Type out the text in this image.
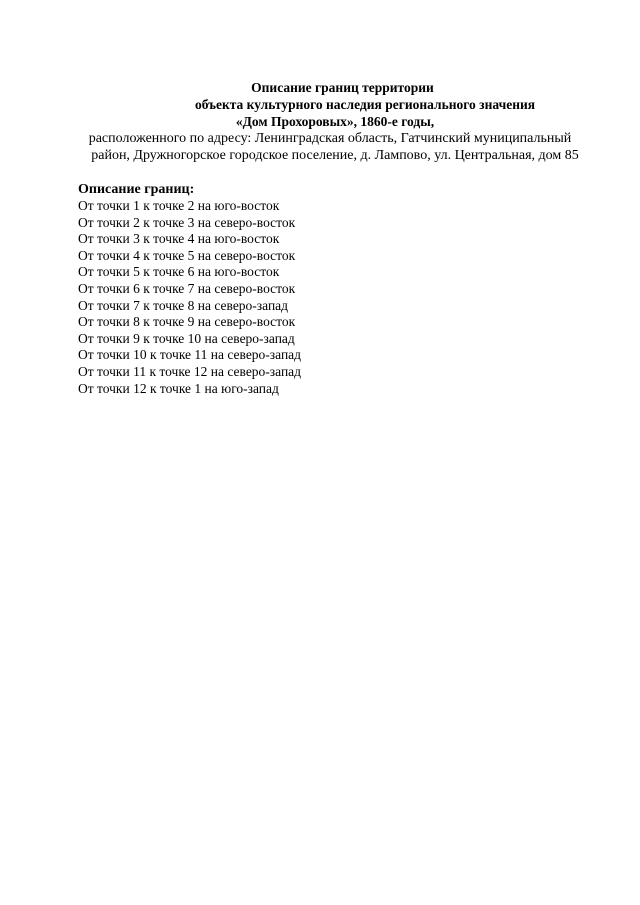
Описание границ территории
объекта культурного наследия регионального значения
«Дом Прохоровых», 1860-е годы,
расположенного по адресу: Ленинградская область, Гатчинский муниципальный
район, Дружногорское городское поселение, д. Лампово, ул. Центральная, дом 85
Описание границ:
От точки 1 к точке 2 на юго-восток
От точки 2 к точке 3 на северо-восток
От точки 3 к точке 4 на юго-восток
От точки 4 к точке 5 на северо-восток
От точки 5 к точке 6 на юго-восток
От точки 6 к точке 7 на северо-восток
От точки 7 к точке 8 на северо-запад
От точки 8 к точке 9 на северо-восток
От точки 9 к точке 10 на северо-запад
От точки 10 к точке 11 на северо-запад
От точки 11 к точке 12 на северо-запад
От точки 12 к точке 1 на юго-запад
